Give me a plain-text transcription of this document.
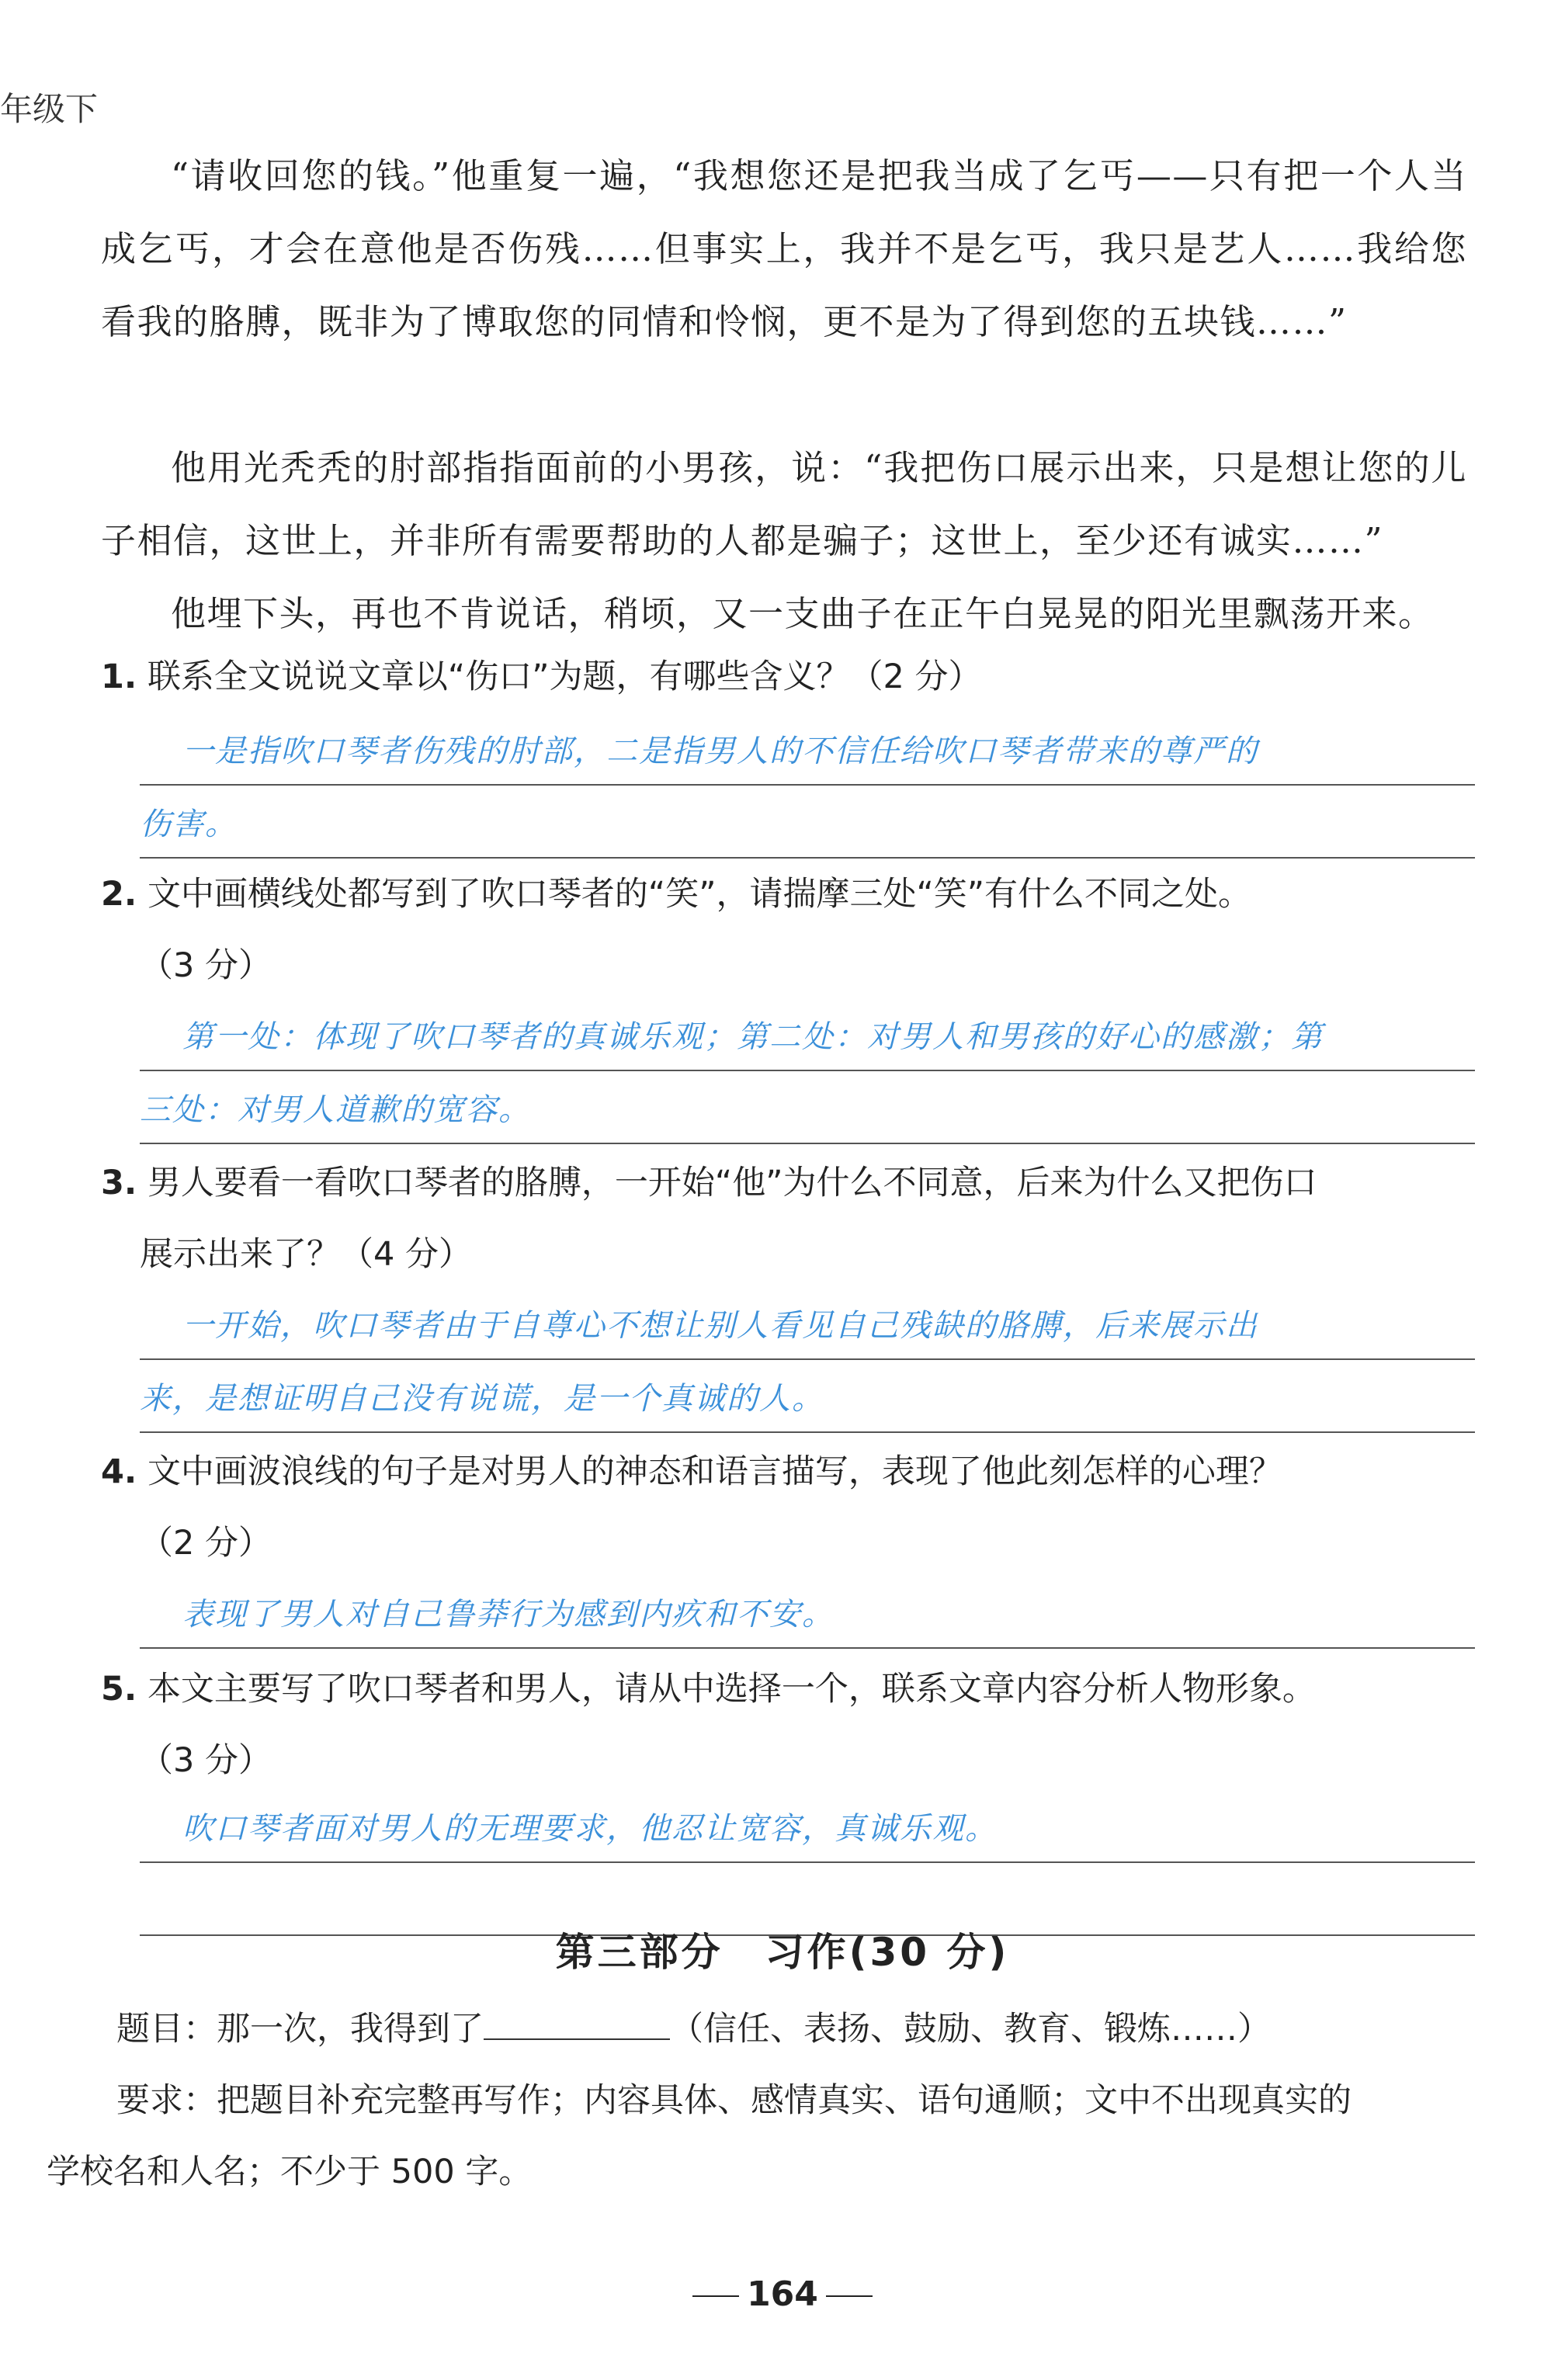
年级下

“请收回您的钱。”他重复一遍，“我想您还是把我当成了乞丐——只有把一个人当成乞丐，才会在意他是否伤残……但事实上，我并不是乞丐，我只是艺人……我给您看我的胳膊，既非为了博取您的同情和怜悯，更不是为了得到您的五块钱……”

他用光秃秃的肘部指指面前的小男孩，说：“我把伤口展示出来，只是想让您的儿子相信，这世上，并非所有需要帮助的人都是骗子；这世上，至少还有诚实……”

他埋下头，再也不肯说话，稍顷，又一支曲子在正午白晃晃的阳光里飘荡开来。

1. 联系全文说说文章以“伤口”为题，有哪些含义？（2 分）
一是指吹口琴者伤残的肘部，二是指男人的不信任给吹口琴者带来的尊严的
伤害。
2. 文中画横线处都写到了吹口琴者的“笑”，请揣摩三处“笑”有什么不同之处。
（3 分）
第一处：体现了吹口琴者的真诚乐观；第二处：对男人和男孩的好心的感激；第
三处：对男人道歉的宽容。
3. 男人要看一看吹口琴者的胳膊，一开始“他”为什么不同意，后来为什么又把伤口
展示出来了？（4 分）
一开始，吹口琴者由于自尊心不想让别人看见自己残缺的胳膊，后来展示出
来，是想证明自己没有说谎，是一个真诚的人。
4. 文中画波浪线的句子是对男人的神态和语言描写，表现了他此刻怎样的心理？
（2 分）
表现了男人对自己鲁莽行为感到内疚和不安。
5. 本文主要写了吹口琴者和男人，请从中选择一个，联系文章内容分析人物形象。
（3 分）
吹口琴者面对男人的无理要求，他忍让宽容，真诚乐观。
第三部分　习作(30 分)
题目：那一次，我得到了	（信任、表扬、鼓励、教育、锻炼……）
要求：把题目补充完整再写作；内容具体、感情真实、语句通顺；文中不出现真实的
学校名和人名；不少于 500 字。
164
